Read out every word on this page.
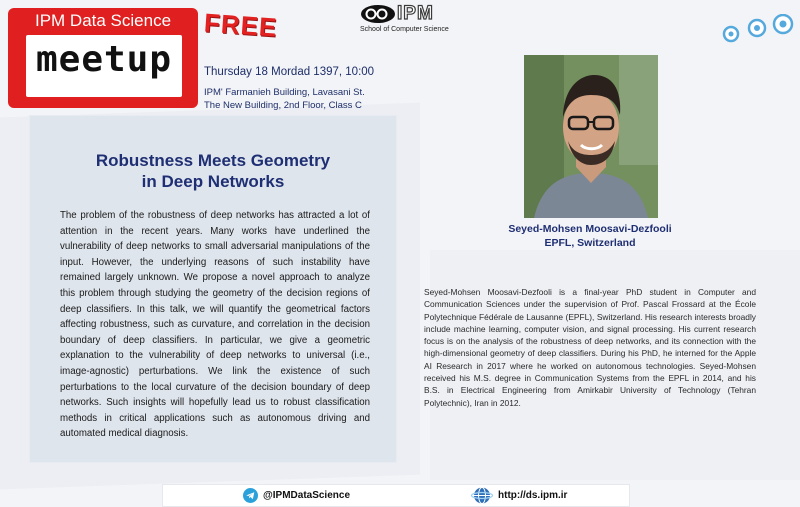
IPM Data Science
meetup
FREE
Thursday 18 Mordad 1397, 10:00
IPM' Farmanieh Building, Lavasani St.
The New Building, 2nd Floor, Class C
IPM
School of Computer Science
Robustness Meets Geometry
in Deep Networks
The problem of the robustness of deep networks has attracted a lot of attention in the recent years. Many works have underlined the vulnerability of deep networks to small adversarial manipulations of the input. However, the underlying reasons of such instability have remained largely unknown. We propose a novel approach to analyze this problem through studying the geometry of the decision regions of deep classifiers. In this talk, we will quantify the geometrical factors affecting robustness, such as curvature, and correlation in the decision boundary of deep classifiers. In particular, we give a geometric explanation to the vulnerability of deep networks to universal (i.e., image-agnostic) perturbations. We link the existence of such perturbations to the local curvature of the decision boundary of deep networks. Such insights will hopefully lead us to robust classification methods in critical applications such as autonomous driving and automated medical diagnosis.
Seyed-Mohsen Moosavi-Dezfooli
EPFL, Switzerland
Seyed-Mohsen Moosavi-Dezfooli is a final-year PhD student in Computer and Communication Sciences under the supervision of Prof. Pascal Frossard at the École Polytechnique Fédérale de Lausanne (EPFL), Switzerland. His research interests broadly include machine learning, computer vision, and signal processing. His current research focus is on the analysis of the robustness of deep networks, and its connection with the high-dimensional geometry of deep classifiers. During his PhD, he interned for the Apple AI Research in 2017 where he worked on autonomous technologies. Seyed-Mohsen received his M.S. degree in Communication Systems from the EPFL in 2014, and his B.S. in Electrical Engineering from Amirkabir University of Technology (Tehran Polytechnic), Iran in 2012.
@IPMDataScience	http://ds.ipm.ir
